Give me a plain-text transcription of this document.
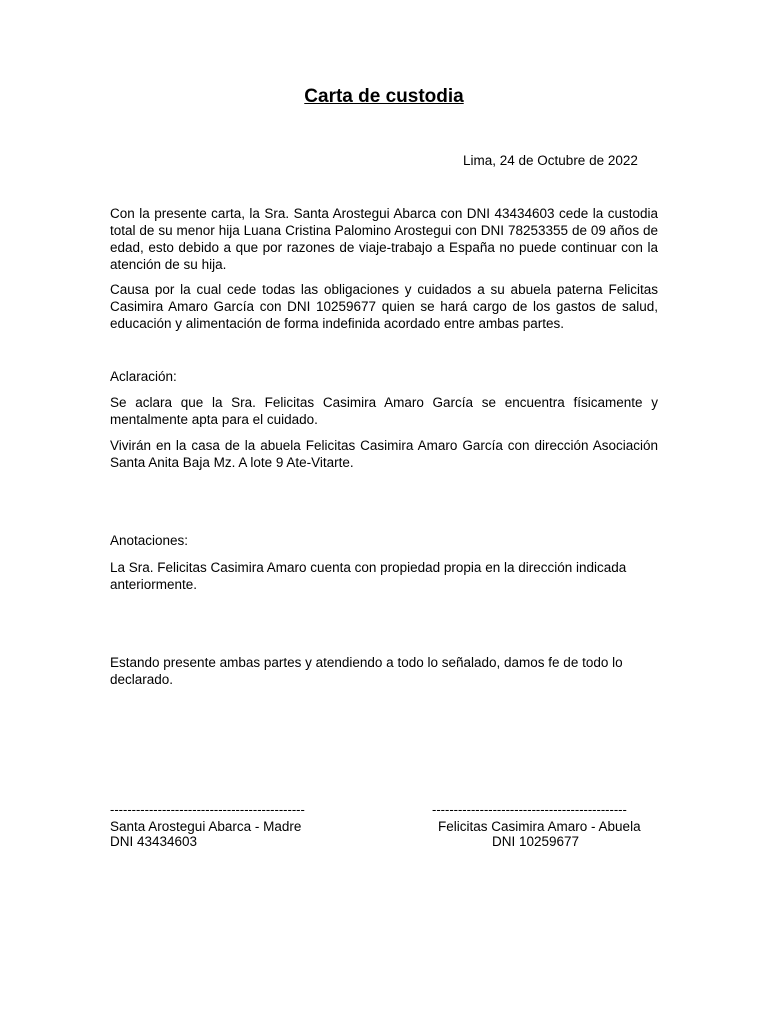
Carta de custodia
Lima, 24 de Octubre de 2022

Con la presente carta, la Sra. Santa Arostegui Abarca con DNI 43434603 cede la custodia total de su menor hija Luana Cristina Palomino Arostegui con DNI 78253355 de 09 años de edad, esto debido a que por razones de viaje-trabajo a España no puede continuar con la atención de su hija.

Causa por la cual cede todas las obligaciones y cuidados a su abuela paterna Felicitas Casimira Amaro García con DNI 10259677 quien se hará cargo de los gastos de salud, educación y alimentación de forma indefinida acordado entre ambas partes.

Aclaración:

Se aclara que la Sra. Felicitas Casimira Amaro García se encuentra físicamente y mentalmente apta para el cuidado.

Vivirán en la casa de la abuela Felicitas Casimira Amaro García con dirección Asociación Santa Anita Baja Mz. A lote 9 Ate-Vitarte.

Anotaciones:

La Sra. Felicitas Casimira Amaro cuenta con propiedad propia en la dirección indicada anteriormente.

Estando presente ambas partes y atendiendo a todo lo señalado, damos fe de todo lo declarado.

---------------------------------------------
Santa Arostegui Abarca - Madre
DNI 43434603
---------------------------------------------
Felicitas Casimira Amaro - Abuela
DNI 10259677
